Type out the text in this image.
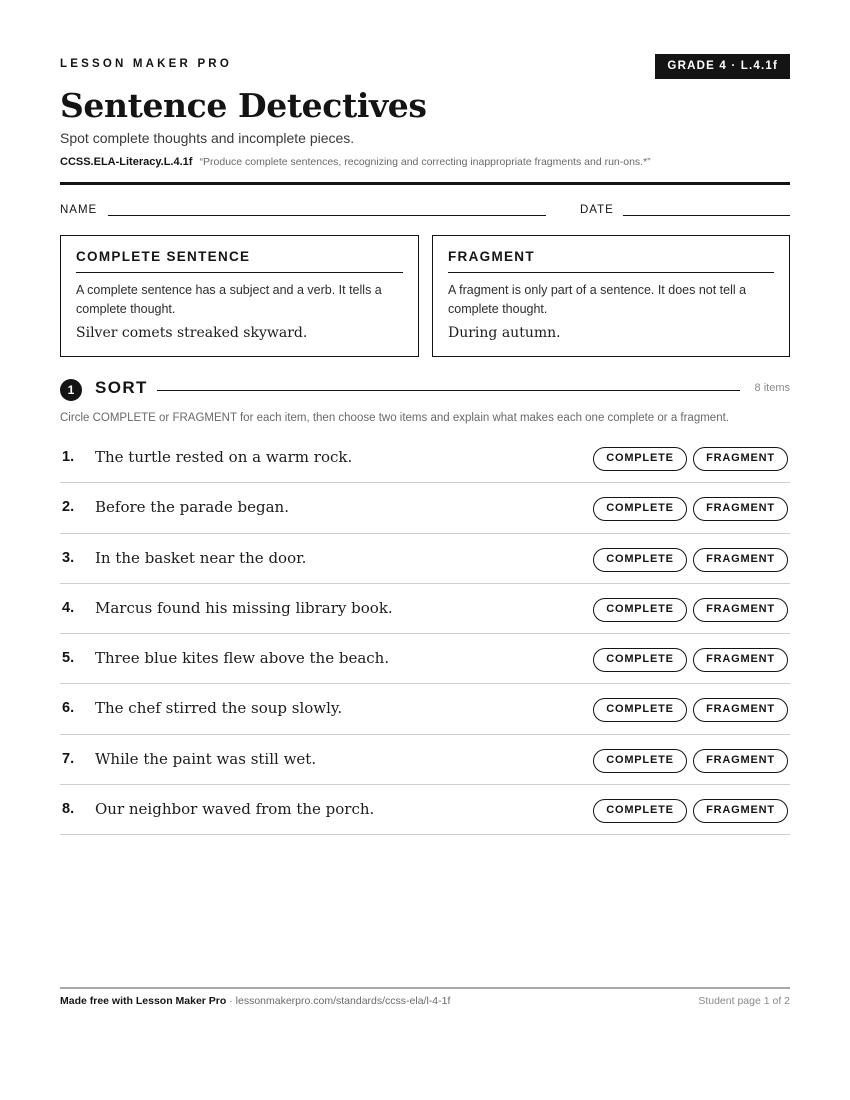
LESSON MAKER PRO	GRADE 4 · L.4.1f
Sentence Detectives
Spot complete thoughts and incomplete pieces.
CCSS.ELA-Literacy.L.4.1f “Produce complete sentences, recognizing and correcting inappropriate fragments and run-ons.*”
NAME	DATE
COMPLETE SENTENCE
A complete sentence has a subject and a verb. It tells a complete thought.
Silver comets streaked skyward.
FRAGMENT
A fragment is only part of a sentence. It does not tell a complete thought.
During autumn.
1	SORT	8 items
Circle COMPLETE or FRAGMENT for each item, then choose two items and explain what makes each one complete or a fragment.
1. The turtle rested on a warm rock.	COMPLETE	FRAGMENT
2. Before the parade began.	COMPLETE	FRAGMENT
3. In the basket near the door.	COMPLETE	FRAGMENT
4. Marcus found his missing library book.	COMPLETE	FRAGMENT
5. Three blue kites flew above the beach.	COMPLETE	FRAGMENT
6. The chef stirred the soup slowly.	COMPLETE	FRAGMENT
7. While the paint was still wet.	COMPLETE	FRAGMENT
8. Our neighbor waved from the porch.	COMPLETE	FRAGMENT
Made free with Lesson Maker Pro · lessonmakerpro.com/standards/ccss-ela/l-4-1f	Student page 1 of 2
